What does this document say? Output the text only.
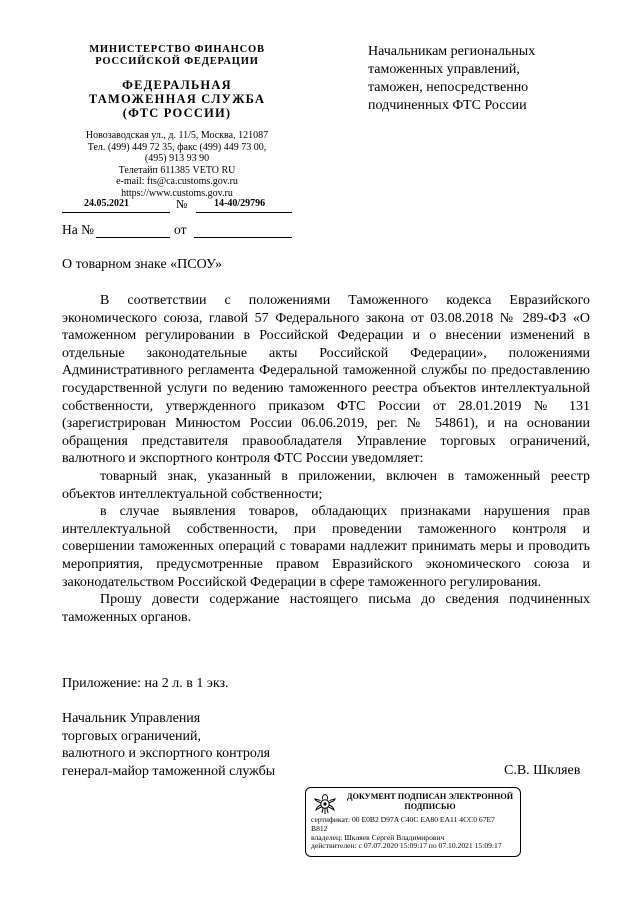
МИНИСТЕРСТВО ФИНАНСОВ
РОССИЙСКОЙ ФЕДЕРАЦИИ
ФЕДЕРАЛЬНАЯ
ТАМОЖЕННАЯ СЛУЖБА
(ФТС РОССИИ)
Новозаводская ул., д. 11/5, Москва, 121087
Тел. (499) 449 72 35, факс (499) 449 73 00,
(495) 913 93 90
Телетайп 611385 VETO RU
e-mail: fts@ca.customs.gov.ru
https://www.customs.gov.ru
24.05.2021	№	14-40/29796
На №	от
Начальникам региональных
таможенных управлений,
таможен, непосредственно
подчиненных ФТС России
О товарном знаке «ПСОУ»

В соответствии с положениями Таможенного кодекса Евразийского экономического союза, главой 57 Федерального закона от 03.08.2018 № 289-ФЗ «О таможенном регулировании в Российской Федерации и о внесении изменений в отдельные законодательные акты Российской Федерации», положениями Административного регламента Федеральной таможенной службы по предоставлению государственной услуги по ведению таможенного реестра объектов интеллектуальной собственности, утвержденного приказом ФТС России от 28.01.2019 № 131 (зарегистрирован Минюстом России 06.06.2019, рег. № 54861), и на основании обращения представителя правообладателя Управление торговых ограничений, валютного и экспортного контроля ФТС России уведомляет:

товарный знак, указанный в приложении, включен в таможенный реестр объектов интеллектуальной собственности;

в случае выявления товаров, обладающих признаками нарушения прав интеллектуальной собственности, при проведении таможенного контроля и совершении таможенных операций с товарами надлежит принимать меры и проводить мероприятия, предусмотренные правом Евразийского экономического союза и законодательством Российской Федерации в сфере таможенного регулирования.

Прошу довести содержание настоящего письма до сведения подчиненных таможенных органов.

Приложение: на 2 л. в 1 экз.
Начальник Управления
торговых ограничений,
валютного и экспортного контроля
генерал-майор таможенной службы	С.В. Шкляев
ДОКУМЕНТ ПОДПИСАН ЭЛЕКТРОННОЙ
ПОДПИСЬЮ
сертификат: 00 E0B2 D97A C40C EA80 EA11 4CC0 67E7
B812
владелец: Шкляев Сергей Владимирович
действителен: с 07.07.2020 15:09:17 по 07.10.2021 15:09:17
